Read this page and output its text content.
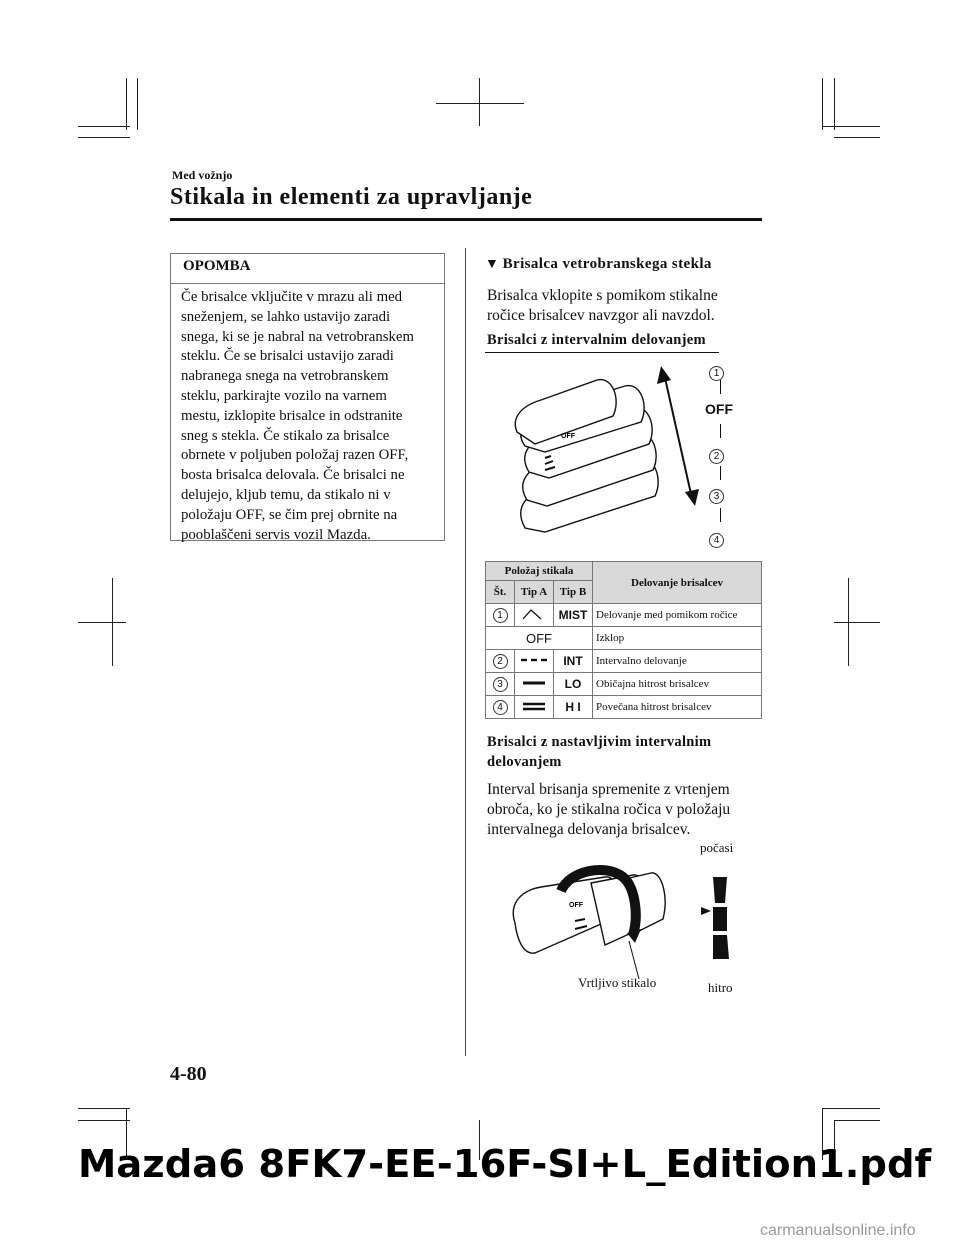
Med vožnjo
Stikala in elementi za upravljanje
OPOMBA
Če brisalce vključite v mrazu ali med
sneženjem, se lahko ustavijo zaradi
snega, ki se je nabral na vetrobranskem
steklu. Če se brisalci ustavijo zaradi
nabranega snega na vetrobranskem
steklu, parkirajte vozilo na varnem
mestu, izklopite brisalce in odstranite
sneg s stekla. Če stikalo za brisalce
obrnete v poljuben položaj razen OFF,
bosta brisalca delovala. Če brisalci ne
delujejo, kljub temu, da stikalo ni v
položaju OFF, se čim prej obrnite na
pooblaščeni servis vozil Mazda.
▼ Brisalca vetrobranskega stekla
Brisalca vklopite s pomikom stikalne
ročice brisalcev navzgor ali navzdol.
Brisalci z intervalnim delovanjem
OFF
1
OFF
2
3
4
Položaj stikala			Delovanje brisalcev
Št.	Tip A	Tip B	
1		MIST	Delovanje med pomikom ročice
OFF			Izklop
2		INT	Intervalno delovanje
3		LO	Običajna hitrost brisalcev
4		H I	Povečana hitrost brisalcev
Brisalci z nastavljivim intervalnim
delovanjem
Interval brisanja spremenite z vrtenjem
obroča, ko je stikalna ročica v položaju
intervalnega delovanja brisalcev.
OFF
počasi
hitro
Vrtljivo stikalo
4-80
Mazda6 8FK7-EE-16F-SI+L_Edition1.pdf
carmanualsonline.info
